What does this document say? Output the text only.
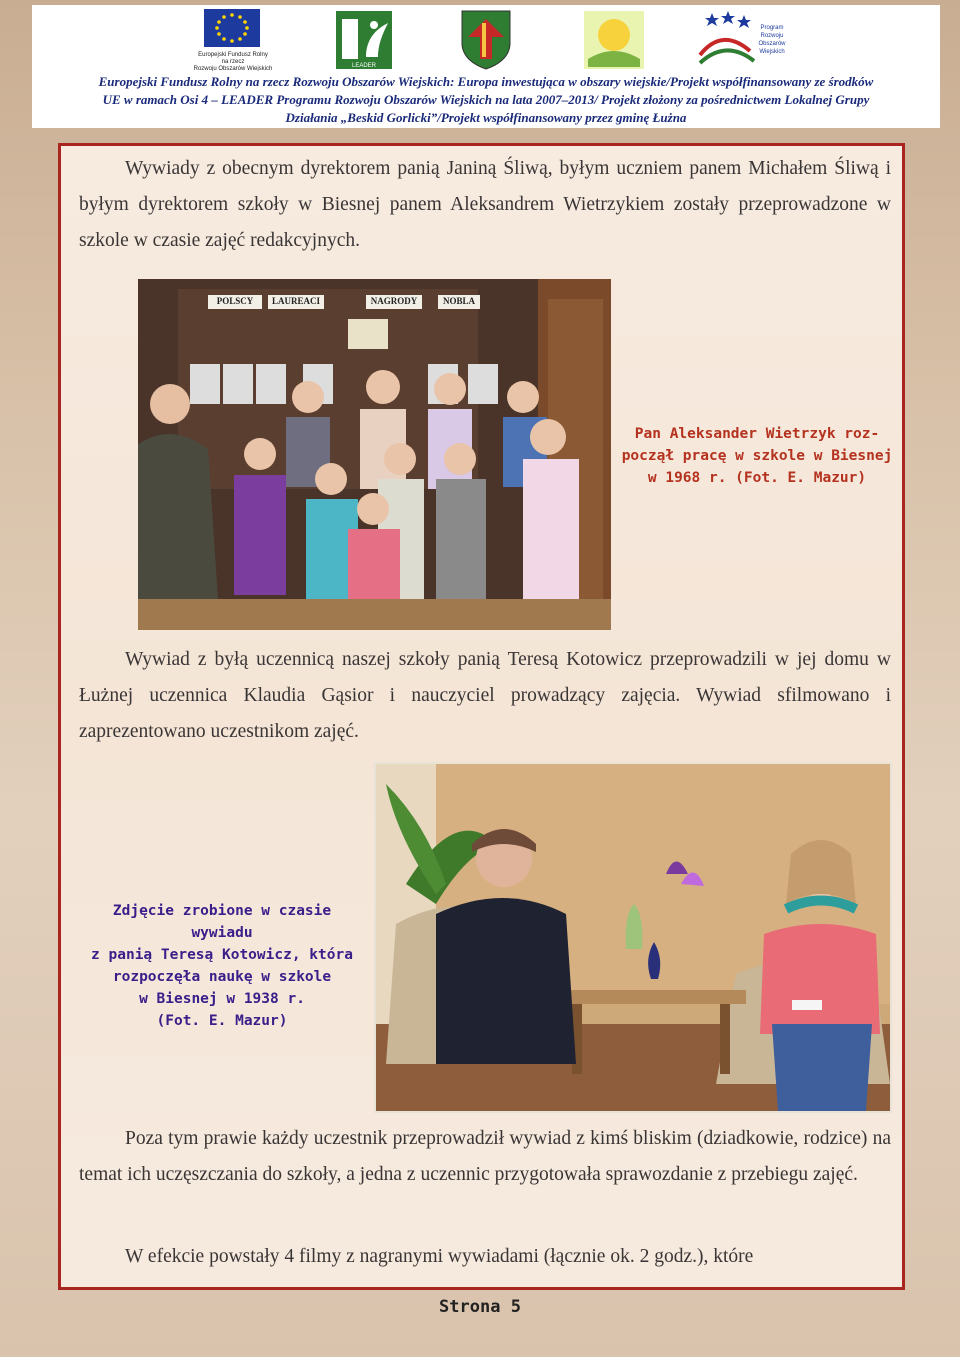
Europejski Fundusz Rolny
na rzecz
Rozwoju Obszarów Wiejskich	LEADER
Program
Rozwoju
Obszarów
Wiejskich
Europejski Fundusz Rolny na rzecz Rozwoju Obszarów Wiejskich: Europa inwestująca w obszary wiejskie/Projekt współfinansowany ze środków
UE w ramach Osi 4 – LEADER Programu Rozwoju Obszarów Wiejskich na lata 2007–2013/ Projekt złożony za pośrednictwem Lokalnej Grupy
Działania „Beskid Gorlicki”/Projekt współfinansowany przez gminę Łużna
Wywiady z obecnym dyrektorem panią Janiną Śliwą, byłym uczniem panem Michałem Śliwą i byłym dyrektorem szkoły w Biesnej panem Aleksandrem Wietrzykiem zostały przeprowadzone w szkole w czasie zajęć redakcyjnych.
POLSCY	LAUREACI	NAGRODY	NOBLA
Pan Aleksander Wietrzyk roz-
począł pracę w szkole w Biesnej
w 1968 r. (Fot. E. Mazur)
Wywiad z byłą uczennicą naszej szkoły panią Teresą Kotowicz przeprowadzili w jej domu w Łużnej uczennica Klaudia Gąsior i nauczyciel prowadzący zajęcia. Wywiad sfilmowano i zaprezentowano uczestnikom zajęć.
Zdjęcie zrobione w czasie wywiadu
z panią Teresą Kotowicz, która
rozpoczęła naukę w szkole
w Biesnej w 1938 r.
(Fot. E. Mazur)
Poza tym prawie każdy uczestnik przeprowadził wywiad z kimś bliskim (dziadkowie, rodzice) na temat ich uczęszczania do szkoły, a jedna z uczennic przygotowała sprawozdanie z przebiegu zajęć.
W efekcie powstały 4 filmy z nagranymi wywiadami (łącznie ok. 2 godz.), które
Strona 5
